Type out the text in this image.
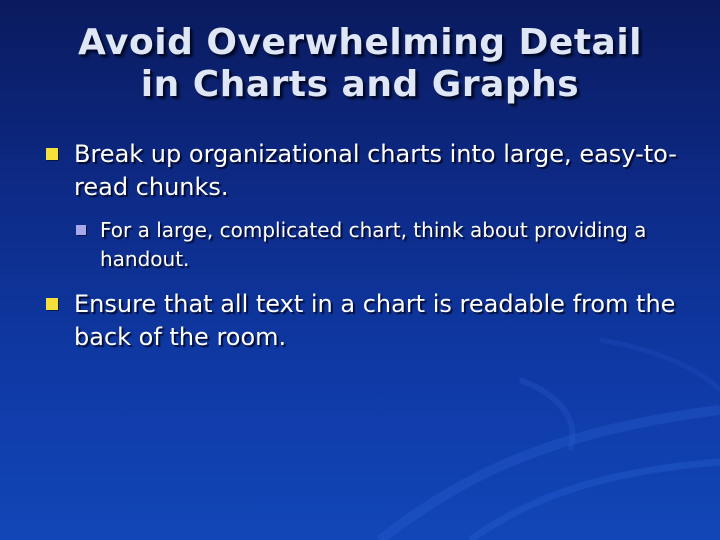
Avoid Overwhelming Detail
in Charts and Graphs
Break up organizational charts into large, easy-to-read chunks.
For a large, complicated chart, think about providing a handout.
Ensure that all text in a chart is readable from the back of the room.
